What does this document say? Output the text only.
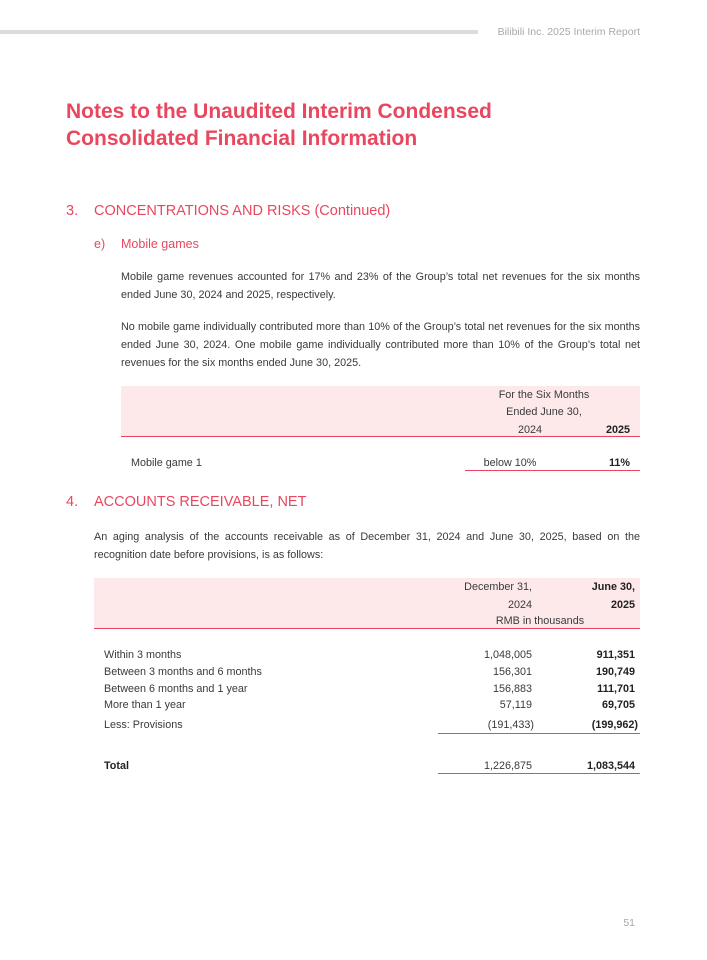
Bilibili Inc. 2025 Interim Report
Notes to the Unaudited Interim Condensed
Consolidated Financial Information
3. CONCENTRATIONS AND RISKS (Continued)
e) Mobile games
Mobile game revenues accounted for 17% and 23% of the Group’s total net revenues for the six months ended June 30, 2024 and 2025, respectively.
No mobile game individually contributed more than 10% of the Group’s total net revenues for the six months ended June 30, 2024. One mobile game individually contributed more than 10% of the Group’s total net revenues for the six months ended June 30, 2025.
For the Six Months
Ended June 30,
2024	2025
Mobile game 1	below 10%	11%
4. ACCOUNTS RECEIVABLE, NET
An aging analysis of the accounts receivable as of December 31, 2024 and June 30, 2025, based on the recognition date before provisions, is as follows:
December 31,
2024
June 30,
2025
RMB in thousands
Within 3 months	1,048,005	911,351
Between 3 months and 6 months	156,301	190,749
Between 6 months and 1 year	156,883	111,701
More than 1 year	57,119	69,705
Less: Provisions	(191,433)	(199,962)
Total	1,226,875	1,083,544
51
